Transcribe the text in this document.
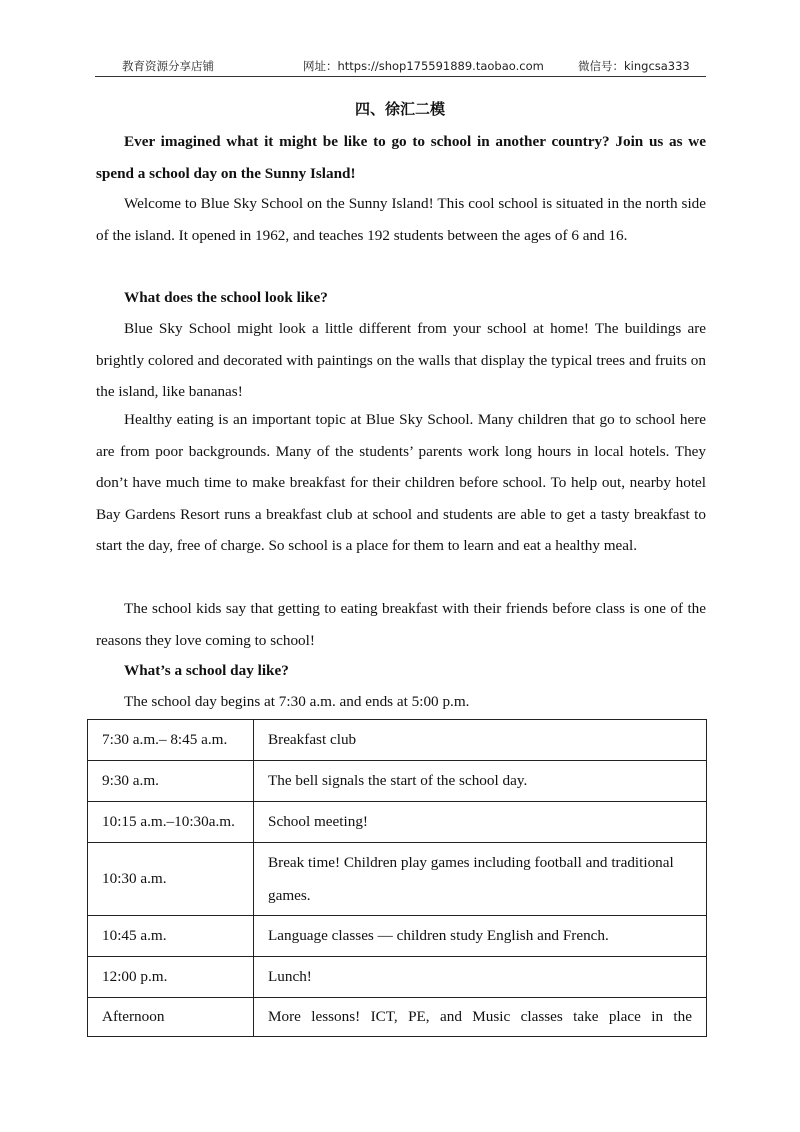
教育资源分享店铺	网址：https://shop175591889.taobao.com	微信号：kingcsa333
四、徐汇二模

Ever imagined what it might be like to go to school in another country? Join us as we spend a school day on the Sunny Island!

Welcome to Blue Sky School on the Sunny Island! This cool school is situated in the north side of the island. It opened in 1962, and teaches 192 students between the ages of 6 and 16.

What does the school look like?

Blue Sky School might look a little different from your school at home! The buildings are brightly colored and decorated with paintings on the walls that display the typical trees and fruits on the island, like bananas!

Healthy eating is an important topic at Blue Sky School. Many children that go to school here are from poor backgrounds. Many of the students’ parents work long hours in local hotels. They don’t have much time to make breakfast for their children before school. To help out, nearby hotel Bay Gardens Resort runs a breakfast club at school and students are able to get a tasty breakfast to start the day, free of charge. So school is a place for them to learn and eat a healthy meal.

The school kids say that getting to eating breakfast with their friends before class is one of the reasons they love coming to school!

What’s a school day like?

The school day begins at 7:30 a.m. and ends at 5:00 p.m.

7:30 a.m.– 8:45 a.m.	Breakfast club
9:30 a.m.	The bell signals the start of the school day.
10:15 a.m.–10:30a.m.	School meeting!
10:30 a.m.	Break time! Children play games including football and traditional games.
10:45 a.m.	Language classes — children study English and French.
12:00 p.m.	Lunch!
Afternoon	More lessons! ICT, PE, and Music classes take place in the
